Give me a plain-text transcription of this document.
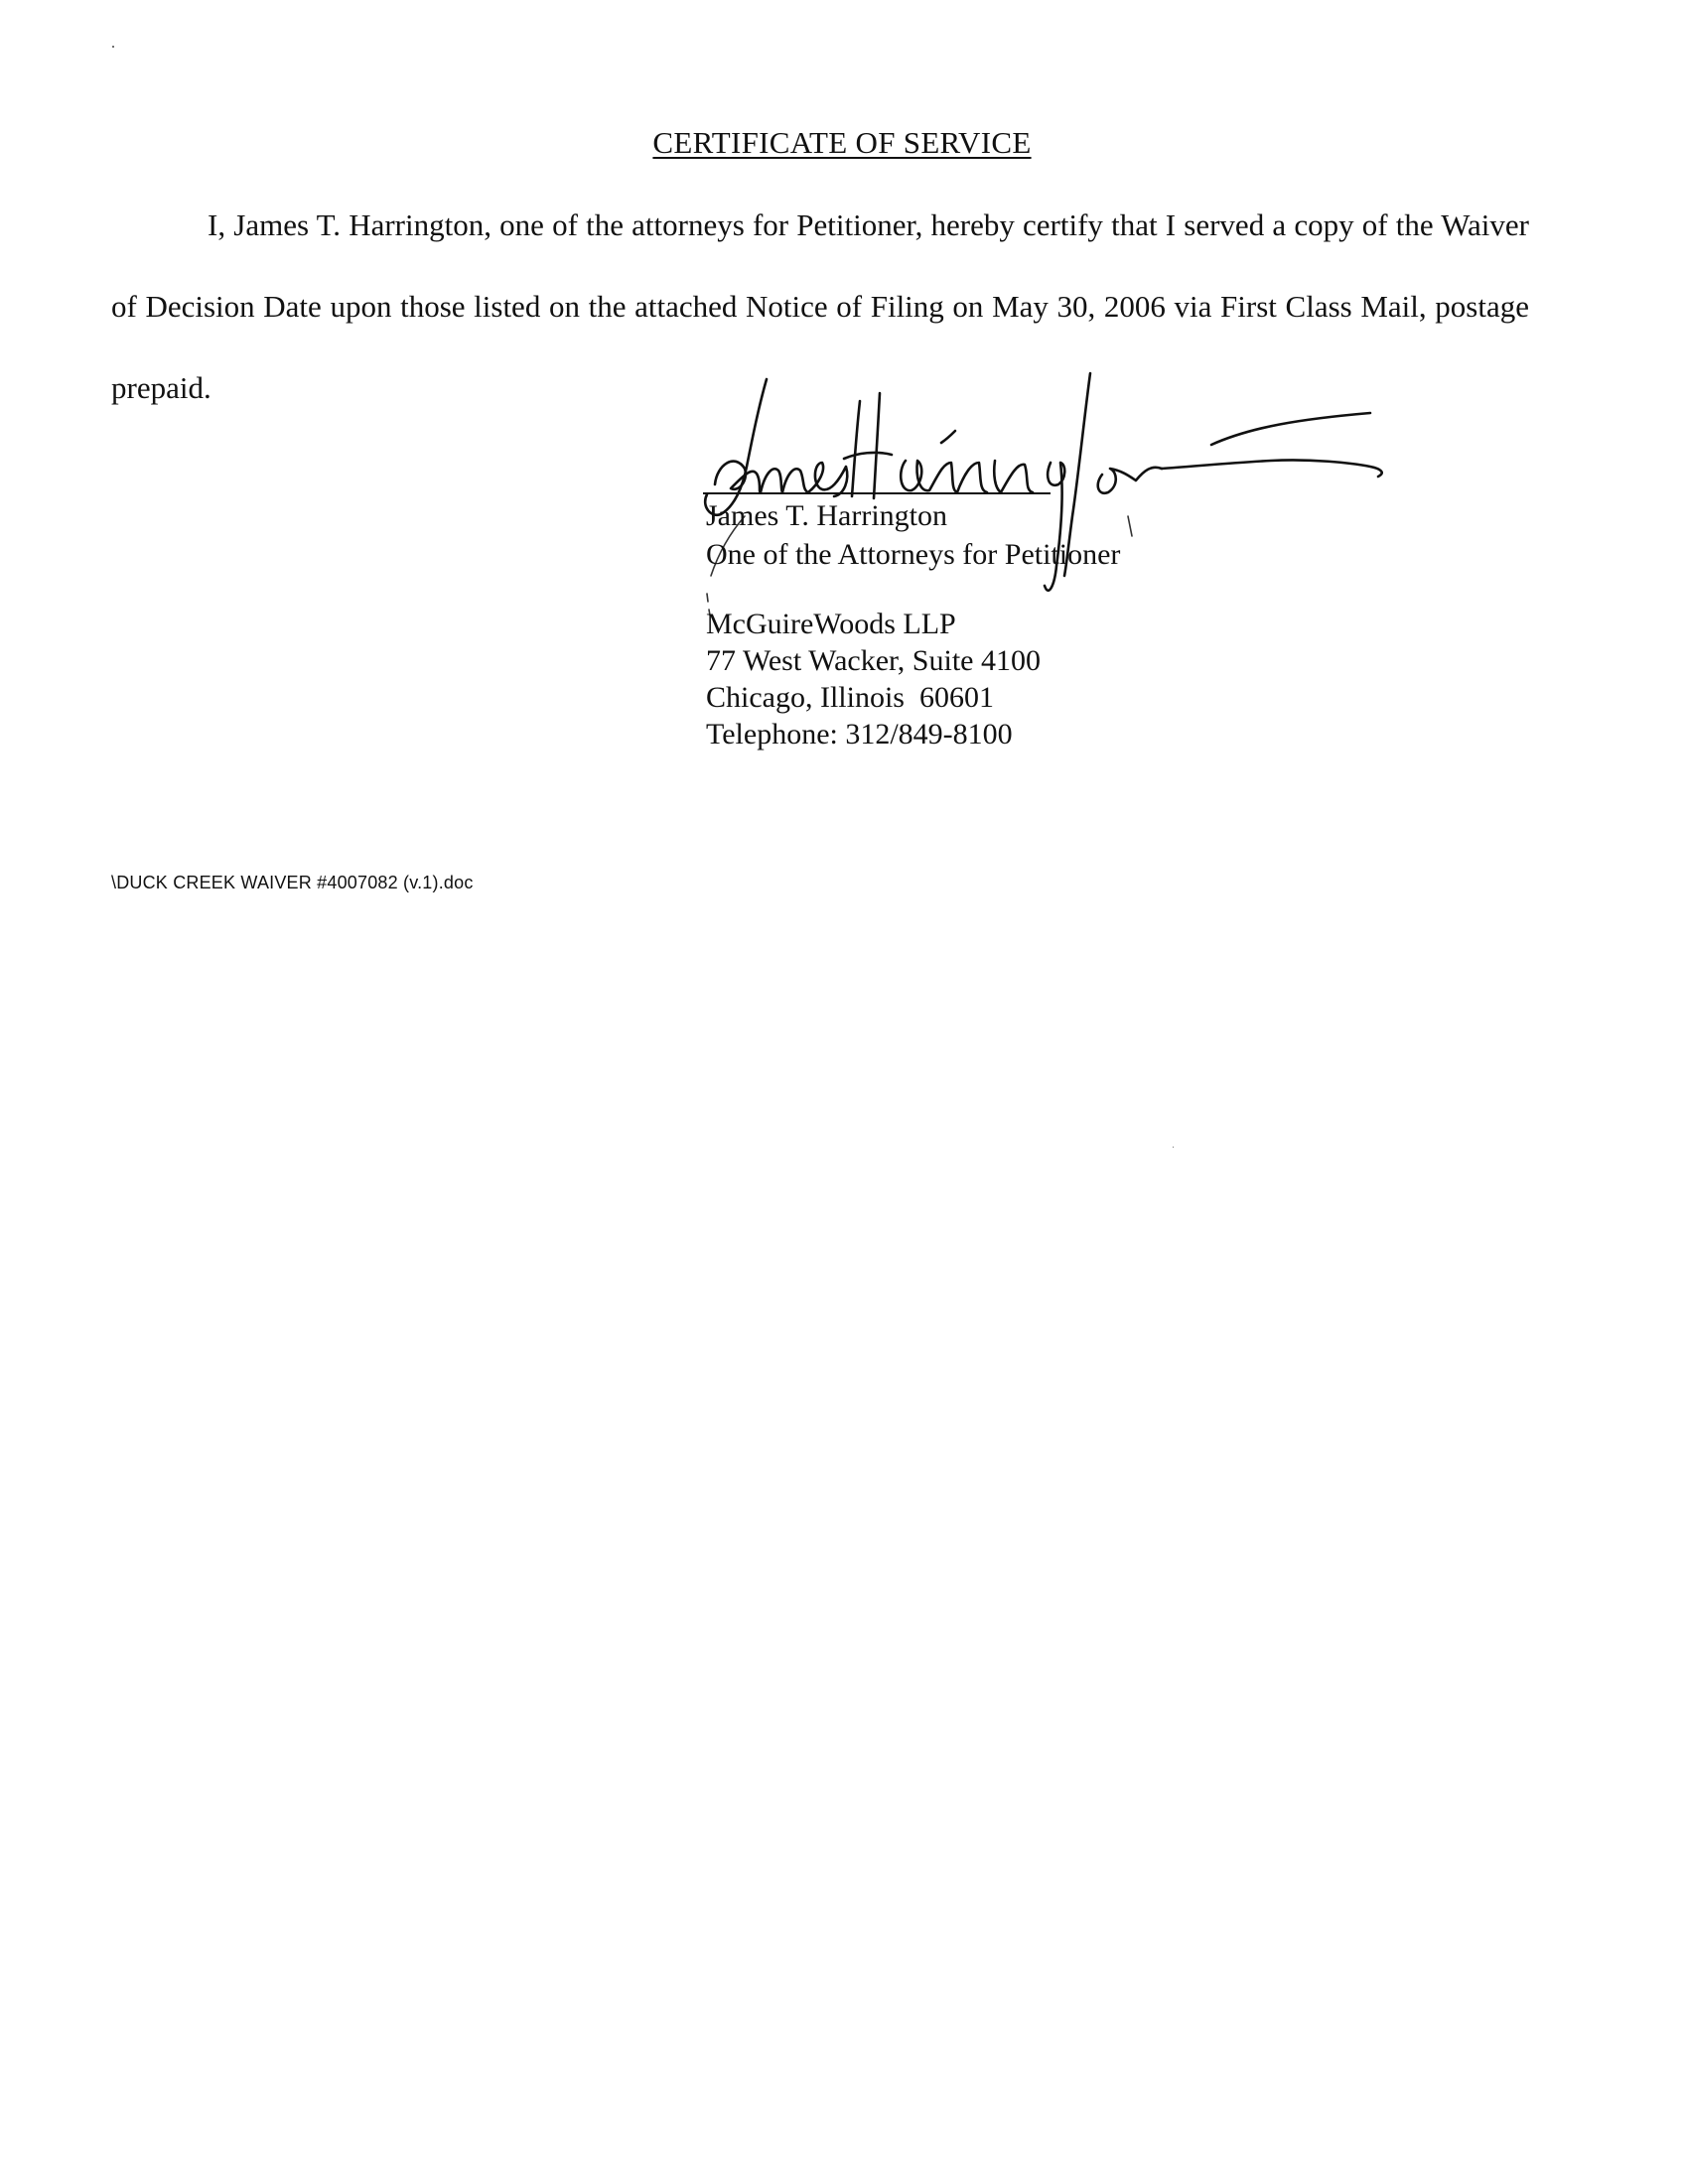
CERTIFICATE OF SERVICE

I, James T. Harrington, one of the attorneys for Petitioner, hereby certify that I served a copy of the Waiver of Decision Date upon those listed on the attached Notice of Filing on May 30, 2006 via First Class Mail, postage prepaid.

James T. Harrington
One of the Attorneys for Petitioner
McGuireWoods LLP
77 West Wacker, Suite 4100
Chicago, Illinois  60601
Telephone: 312/849-8100
\DUCK CREEK WAIVER #4007082 (v.1).doc
